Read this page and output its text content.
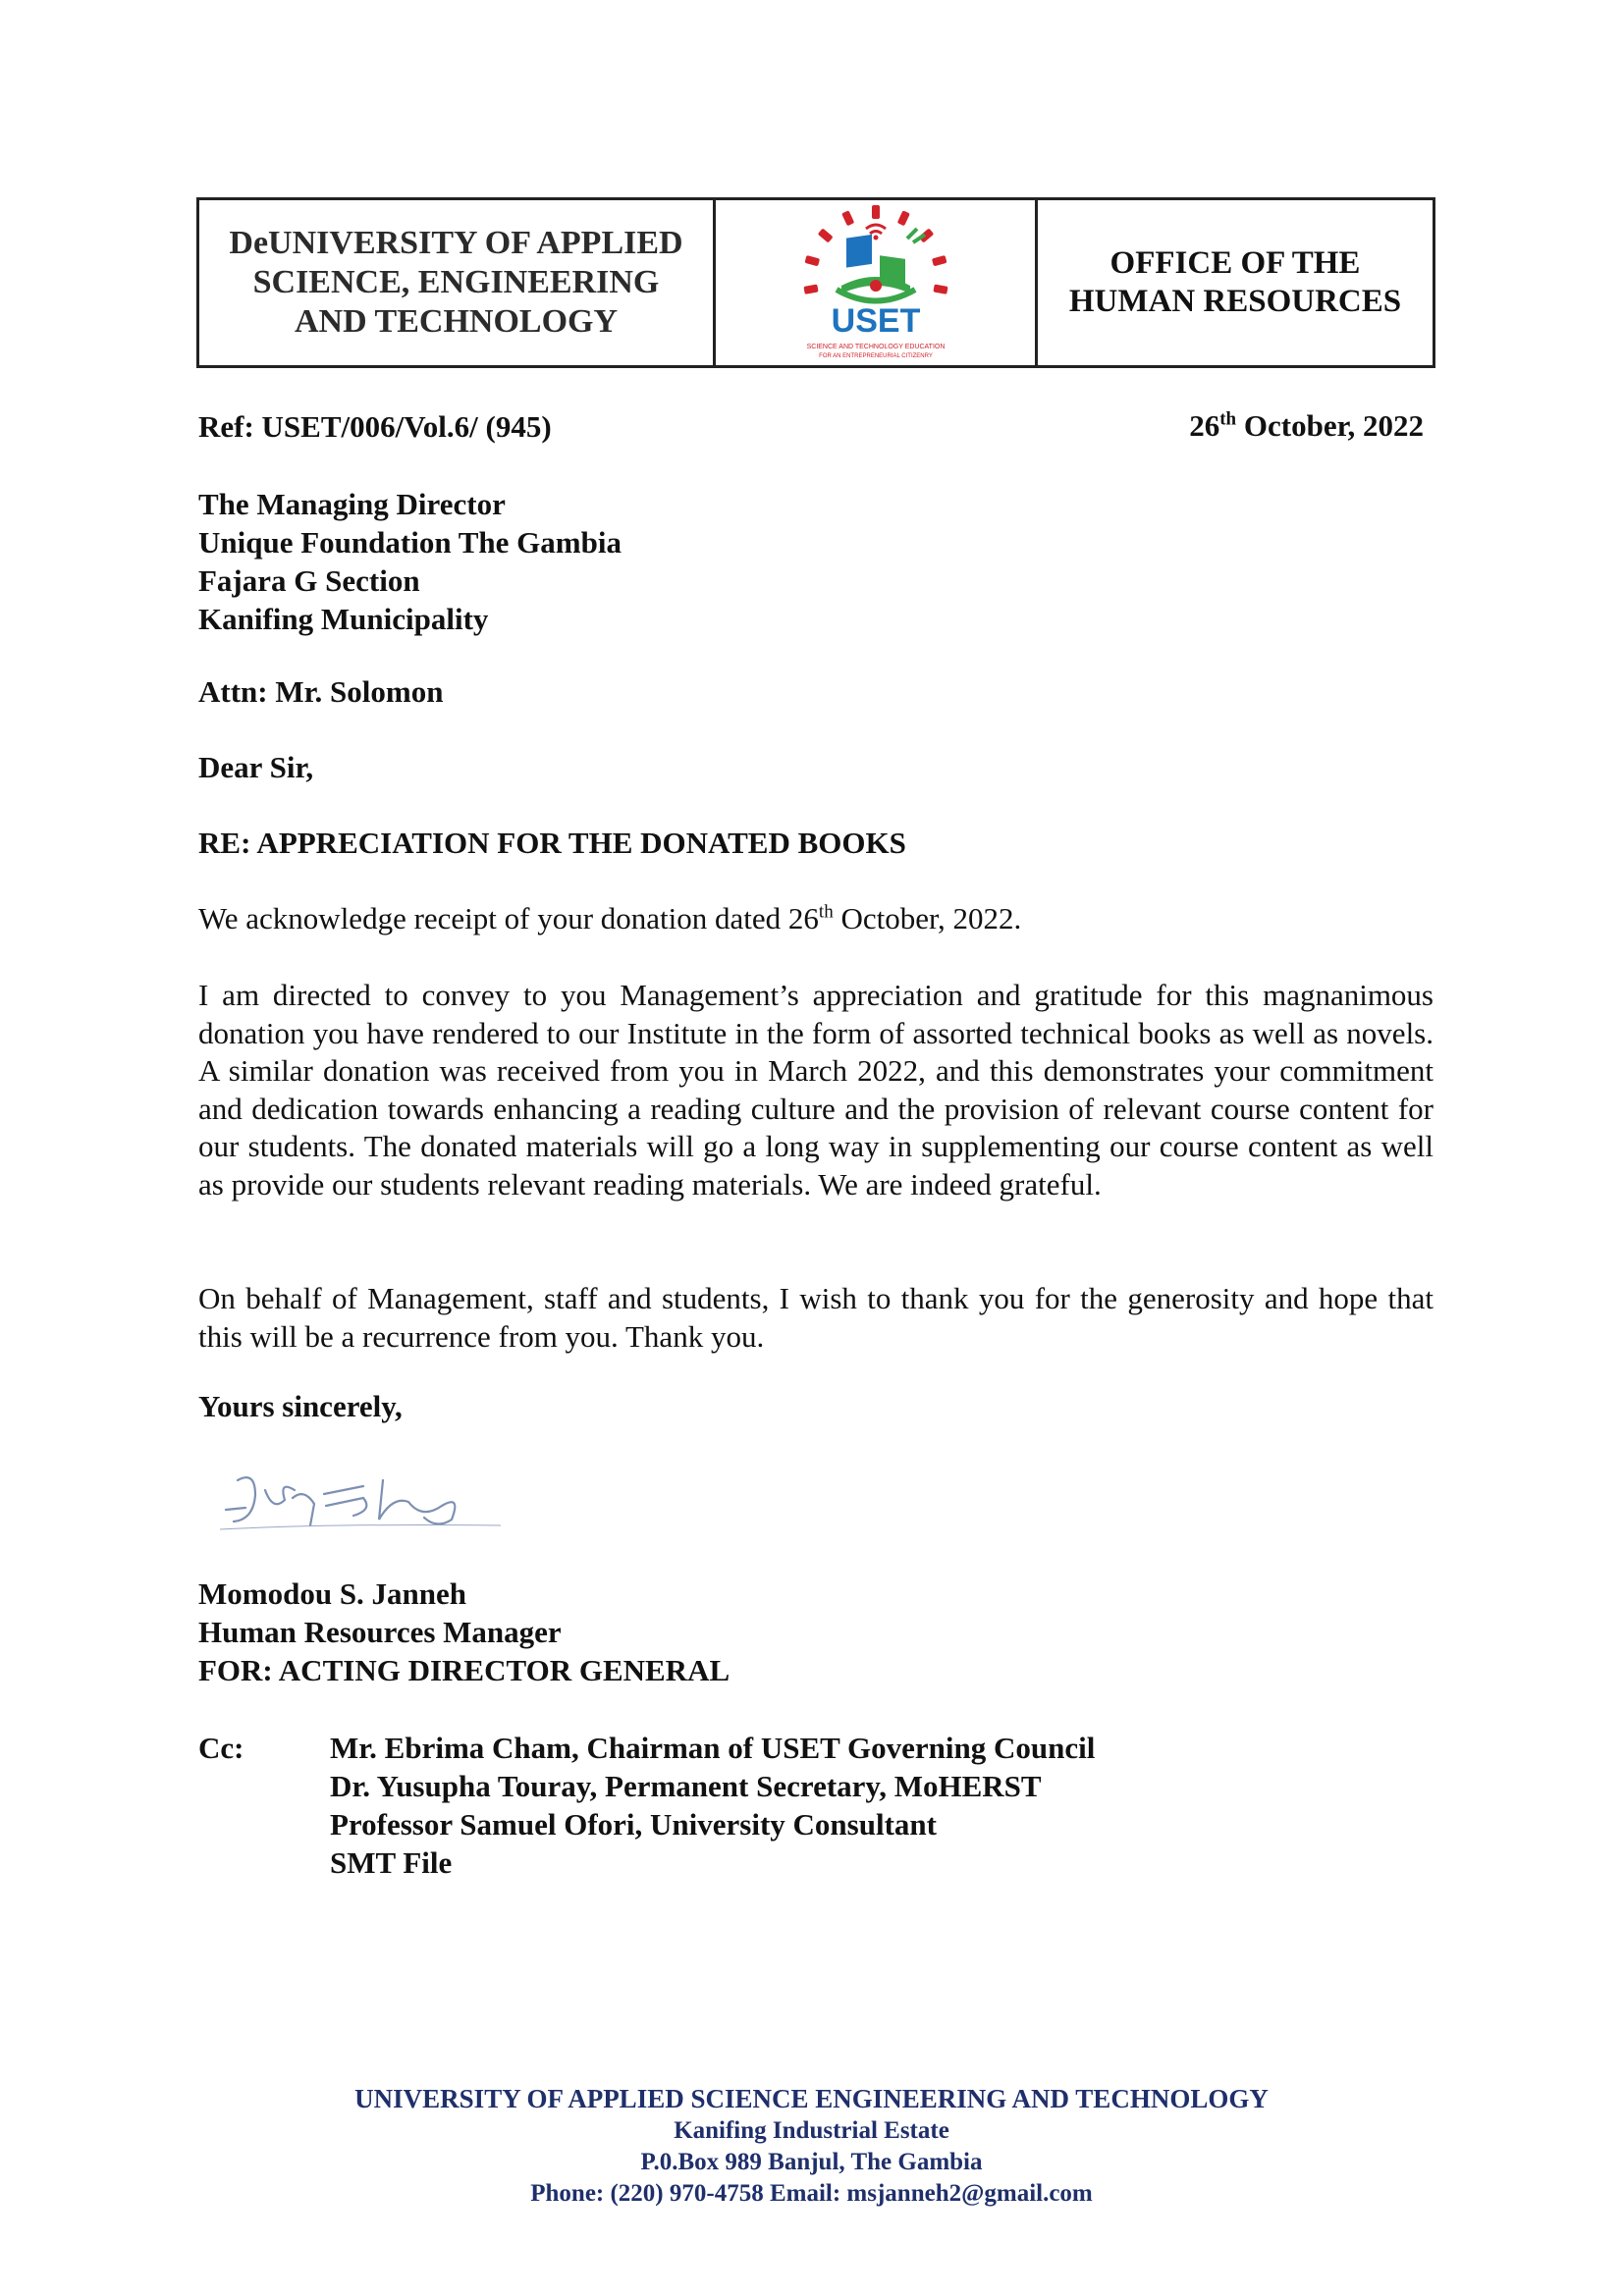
DeUNIVERSITY OF APPLIED
SCIENCE, ENGINEERING
AND TECHNOLOGY	USET
SCIENCE AND TECHNOLOGY EDUCATION
FOR AN ENTREPRENEURIAL CITIZENRY
OFFICE OF THE
HUMAN RESOURCES
Ref: USET/006/Vol.6/ (945)	26th October, 2022
The Managing Director
Unique Foundation The Gambia
Fajara G Section
Kanifing Municipality
Attn: Mr. Solomon
Dear Sir,
RE: APPRECIATION FOR THE DONATED BOOKS
We acknowledge receipt of your donation dated 26th October, 2022.
I am directed to convey to you Management’s appreciation and gratitude for this magnanimous donation you have rendered to our Institute in the form of assorted technical books as well as novels. A similar donation was received from you in March 2022, and this demonstrates your commitment and dedication towards enhancing a reading culture and the provision of relevant course content for our students. The donated materials will go a long way in supplementing our course content as well as provide our students relevant reading materials. We are indeed grateful.
On behalf of Management, staff and students, I wish to thank you for the generosity and hope that this will be a recurrence from you. Thank you.
Yours sincerely,
Momodou S. Janneh
Human Resources Manager
FOR: ACTING DIRECTOR GENERAL
Cc:	Mr. Ebrima Cham, Chairman of USET Governing Council
Dr. Yusupha Touray, Permanent Secretary, MoHERST
Professor Samuel Ofori, University Consultant
SMT File
UNIVERSITY OF APPLIED SCIENCE ENGINEERING AND TECHNOLOGY
Kanifing Industrial Estate
P.0.Box 989 Banjul, The Gambia
Phone: (220) 970-4758 Email: msjanneh2@gmail.com
